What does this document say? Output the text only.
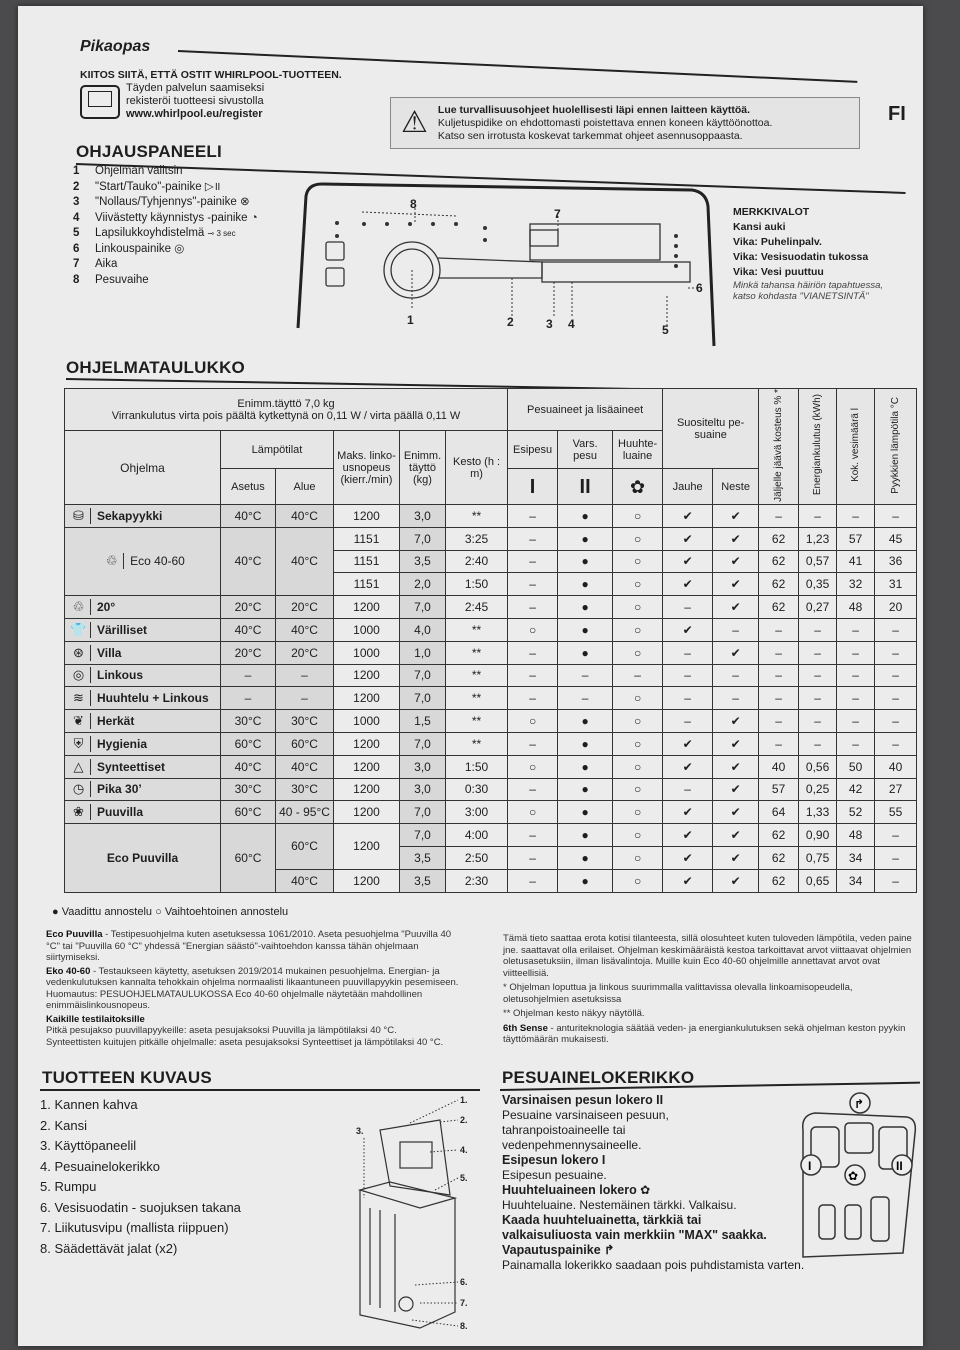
Pikaopas
FI
KIITOS SIITÄ, ETTÄ OSTIT WHIRLPOOL-TUOTTEEN.
Täyden palvelun saamiseksi
rekisteröi tuotteesi sivustolla
www.whirlpool.eu/register	⚠ Lue turvallisuusohjeet huolellisesti läpi ennen laitteen käyttöä.
Kuljetuspidike on ehdottomasti poistettava ennen koneen käyttöönottoa.
Katso sen irrotusta koskevat tarkemmat ohjeet asennusoppaasta.
OHJAUSPANEELI
1 Ohjelman valitsin
2 "Start/Tauko"-painike ▷॥
3 "Nollaus/Tyhjennys"-painike ⊗
4 Viivästetty käynnistys -painike ◔
5 Lapsilukkoyhdistelmä ⊸ 3 sec
6 Linkouspainike ◎
7 Aika
8 Pesuvaihe
1	2	3 4	5
6
7
8
MERKKIVALOT
Kansi auki
Vika: Puhelinpalv.
Vika: Vesisuodatin tukossa
Vika: Vesi puuttuu
Minkä tahansa häiriön tapahtuessa,
katso kohdasta "VIANETSINTÄ"
OHJELMATAULUKKO
Enimm.täyttö 7,0 kg
Virrankulutus virta pois päältä kytkettynä on 0,11 W / virta päällä 0,11 W						Pesuaineet ja lisäaineet			Suositeltu pe-suaine		Jäljelle jäävä kosteus % *	Energiankulutus (kWh)	Kok. vesimäärä l	Pyykkien lämpötila °C
Ohjelma	Lämpötilat		Maks. linko-usnopeus (kierr./min)	Enimm. täyttö (kg)	Kesto (h : m)	Esipesu	Vars. pesu	Huuhte-luaine						
	Asetus	Alue				I	II	✿	Jauhe	Neste				
⛁ Sekapyykki	40°C	40°C	1200	3,0	**	–	●	○	✔	✔	–	–	–	–
♲ Eco 40-60	40°C	40°C	1151	7,0	3:25	–	●	○	✔	✔	62	1,23	57	45
			1151	3,5	2:40	–	●	○	✔	✔	62	0,57	41	36
			1151	2,0	1:50	–	●	○	✔	✔	62	0,35	32	31
♲ 20°	20°C	20°C	1200	7,0	2:45	–	●	○	–	✔	62	0,27	48	20
👕 Värilliset	40°C	40°C	1000	4,0	**	○	●	○	✔	–	–	–	–	–
⊛ Villa	20°C	20°C	1000	1,0	**	–	●	○	–	✔	–	–	–	–
◎ Linkous	–	–	1200	7,0	**	–	–	–	–	–	–	–	–	–
≋ Huuhtelu + Linkous	–	–	1200	7,0	**	–	–	○	–	–	–	–	–	–
❦ Herkät	30°C	30°C	1000	1,5	**	○	●	○	–	✔	–	–	–	–
⛨ Hygienia	60°C	60°C	1200	7,0	**	–	●	○	✔	✔	–	–	–	–
△ Synteettiset	40°C	40°C	1200	3,0	1:50	○	●	○	✔	✔	40	0,56	50	40
◷ Pika 30’	30°C	30°C	1200	3,0	0:30	–	●	○	–	✔	57	0,25	42	27
❀ Puuvilla	60°C	40 - 95°C	1200	7,0	3:00	○	●	○	✔	✔	64	1,33	52	55
Eco Puuvilla	60°C	60°C	1200	7,0	4:00	–	●	○	✔	✔	62	0,90	48	–
				3,5	2:50	–	●	○	✔	✔	62	0,75	34	–
		40°C	1200	3,5	2:30	–	●	○	✔	✔	62	0,65	34	–
● Vaadittu annostelu ○ Vaihtoehtoinen annostelu
Eco Puuvilla - Testipesuohjelma kuten asetuksessa 1061/2010. Aseta pesuohjelma "Puuvilla 40 °C" tai "Puuvilla 60 °C" yhdessä "Energian säästö"-vaihtoehdon kanssa tähän ohjelmaan siirtymiseksi.
Eko 40-60 - Testaukseen käytetty, asetuksen 2019/2014 mukainen pesuohjelma. Energian- ja vedenkulutuksen kannalta tehokkain ohjelma normaalisti likaantuneen puuvillapyykin pesemiseen. Huomautus: PESUOHJELMATAULUKOSSA Eco 40-60 ohjelmalle näytetään mahdollinen enimmäislinkousnopeus.
Kaikille testilaitoksille
Pitkä pesujakso puuvillapyykeille: aseta pesujaksoksi Puuvilla ja lämpötilaksi 40 °C.
Synteettisten kuitujen pitkälle ohjelmalle: aseta pesujaksoksi Synteettiset ja lämpötilaksi 40 °C.
Tämä tieto saattaa erota kotisi tilanteesta, sillä olosuhteet kuten tuloveden lämpötila, veden paine jne. saattavat olla erilaiset. Ohjelman keskimääräistä kestoa tarkoittavat arvot viittaavat ohjelmien oletusasetuksiin, ilman lisävalintoja. Muille kuin Eco 40-60 ohjelmille annettavat arvot ovat viitteellisiä.
* Ohjelman loputtua ja linkous suurimmalla valittavissa olevalla linkoamisopeudella, oletusohjelmien asetuksissa
** Ohjelman kesto näkyy näytöllä.
6th Sense - anturiteknologia säätää veden- ja energiankulutuksen sekä ohjelman keston pyykin täyttömäärän mukaisesti.
TUOTTEEN KUVAUS
1. Kannen kahva
2. Kansi
3. Käyttöpaneelil
4. Pesuainelokerikko
5. Rumpu
6. Vesisuodatin - suojuksen takana
7. Liikutusvipu (mallista riippuen)
8. Säädettävät jalat (x2)
1.
2.
3.
4.
5.
6.
7.
8.
PESUAINELOKERIKKO
Varsinaisen pesun lokero II
Pesuaine varsinaiseen pesuun,
tahranpoistoaineelle tai
vedenpehmennysaineelle.
Esipesun lokero I
Esipesun pesuaine.
Huuhteluaineen lokero ✿
Huuhteluaine. Nestemäinen tärkki. Valkaisu.
Kaada huuhteluainetta, tärkkiä tai
valkaisuliuosta vain merkkiin "MAX" saakka.
Vapautuspainike ↱
Painamalla lokerikko saadaan pois puhdistamista varten.
I	II
✿
↱
